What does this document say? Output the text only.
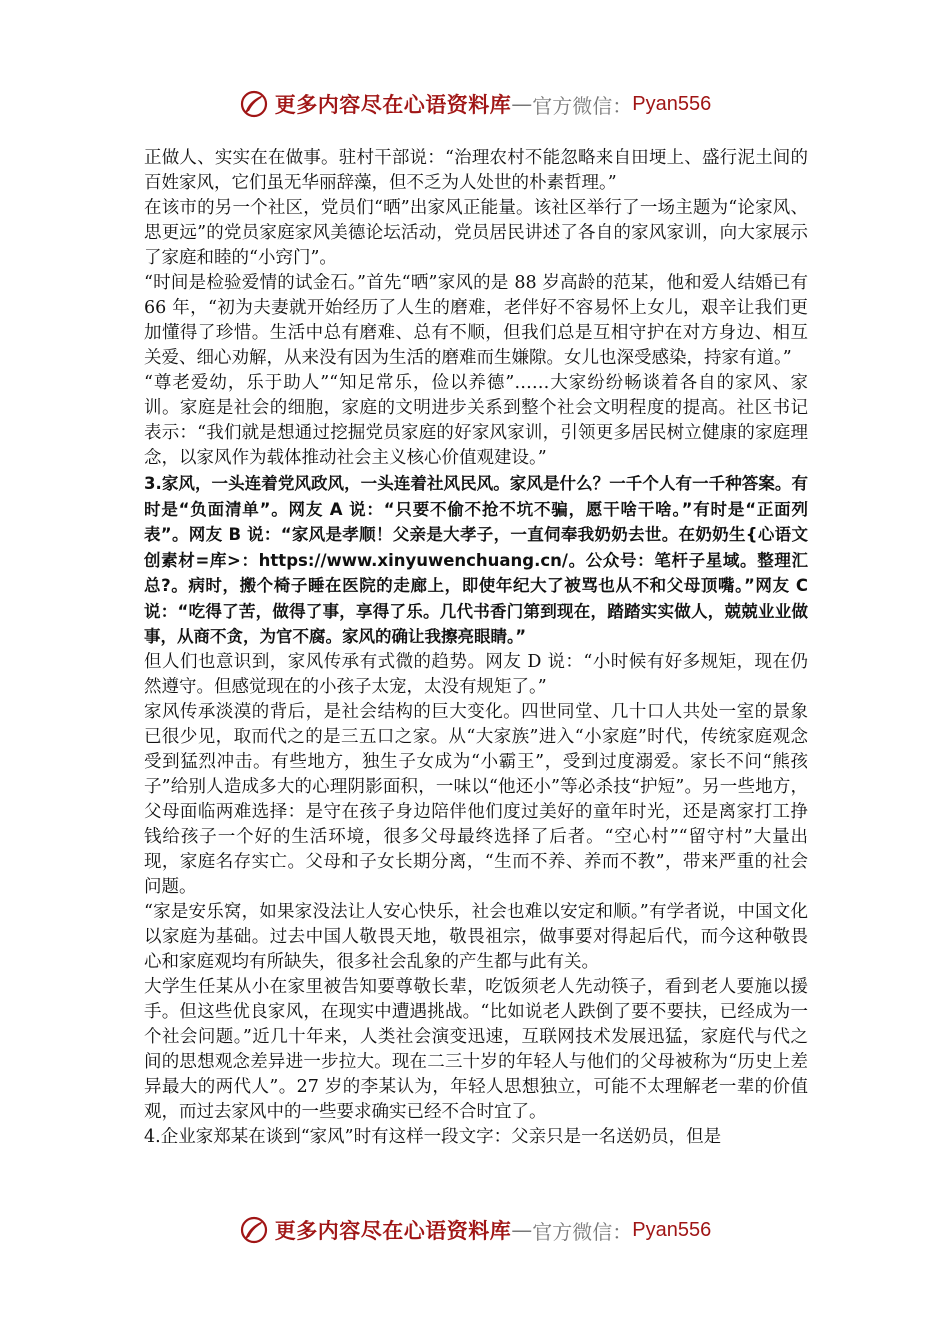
更多内容尽在心语资料库 — 官方微信： Pyan556

正做人、实实在在做事。驻村干部说：“治理农村不能忽略来自田埂上、盛行泥土间的百姓家风，它们虽无华丽辞藻，但不乏为人处世的朴素哲理。”

在该市的另一个社区，党员们“晒”出家风正能量。该社区举行了一场主题为“论家风、思更远”的党员家庭家风美德论坛活动，党员居民讲述了各自的家风家训，向大家展示了家庭和睦的“小窍门”。

“时间是检验爱情的试金石。”首先“晒”家风的是 88 岁高龄的范某，他和爱人结婚已有 66 年，“初为夫妻就开始经历了人生的磨难，老伴好不容易怀上女儿，艰辛让我们更加懂得了珍惜。生活中总有磨难、总有不顺，但我们总是互相守护在对方身边、相互关爱、细心劝解，从来没有因为生活的磨难而生嫌隙。女儿也深受感染，持家有道。”

“尊老爱幼，乐于助人”“知足常乐，俭以养德”……大家纷纷畅谈着各自的家风、家训。家庭是社会的细胞，家庭的文明进步关系到整个社会文明程度的提高。社区书记表示：“我们就是想通过挖掘党员家庭的好家风家训，引领更多居民树立健康的家庭理念，以家风作为载体推动社会主义核心价值观建设。”

3.家风，一头连着党风政风，一头连着社风民风。家风是什么？一千个人有一千种答案。有时是“负面清单”。网友 A 说：“只要不偷不抢不坑不骗，愿干啥干啥。”有时是“正面列表”。网友 B 说：“家风是孝顺！父亲是大孝子，一直伺奉我奶奶去世。在奶奶生{心语文创素材=库>：https://www.xinyuwenchuang.cn/。公众号：笔杆子星域。整理汇总?。病时，搬个椅子睡在医院的走廊上，即使年纪大了被骂也从不和父母顶嘴。”网友 C 说：“吃得了苦，做得了事，享得了乐。几代书香门第到现在，踏踏实实做人，兢兢业业做事，从商不贪，为官不腐。家风的确让我擦亮眼睛。”

但人们也意识到，家风传承有式微的趋势。网友 D 说：“小时候有好多规矩，现在仍然遵守。但感觉现在的小孩子太宠，太没有规矩了。”

家风传承淡漠的背后，是社会结构的巨大变化。四世同堂、几十口人共处一室的景象已很少见，取而代之的是三五口之家。从“大家族”进入“小家庭”时代，传统家庭观念受到猛烈冲击。有些地方，独生子女成为“小霸王”，受到过度溺爱。家长不问“熊孩子”给别人造成多大的心理阴影面积，一味以“他还小”等必杀技“护短”。另一些地方，父母面临两难选择：是守在孩子身边陪伴他们度过美好的童年时光，还是离家打工挣钱给孩子一个好的生活环境，很多父母最终选择了后者。“空心村”“留守村”大量出现，家庭名存实亡。父母和子女长期分离，“生而不养、养而不教”，带来严重的社会问题。

“家是安乐窝，如果家没法让人安心快乐，社会也难以安定和顺。”有学者说，中国文化以家庭为基础。过去中国人敬畏天地，敬畏祖宗，做事要对得起后代，而今这种敬畏心和家庭观均有所缺失，很多社会乱象的产生都与此有关。

大学生任某从小在家里被告知要尊敬长辈，吃饭须老人先动筷子，看到老人要施以援手。但这些优良家风，在现实中遭遇挑战。“比如说老人跌倒了要不要扶，已经成为一个社会问题。”近几十年来，人类社会演变迅速，互联网技术发展迅猛，家庭代与代之间的思想观念差异进一步拉大。现在二三十岁的年轻人与他们的父母被称为“历史上差异最大的两代人”。27 岁的李某认为，年轻人思想独立，可能不太理解老一辈的价值观，而过去家风中的一些要求确实已经不合时宜了。

4.企业家郑某在谈到“家风”时有这样一段文字：父亲只是一名送奶员，但是

更多内容尽在心语资料库 — 官方微信： Pyan556
